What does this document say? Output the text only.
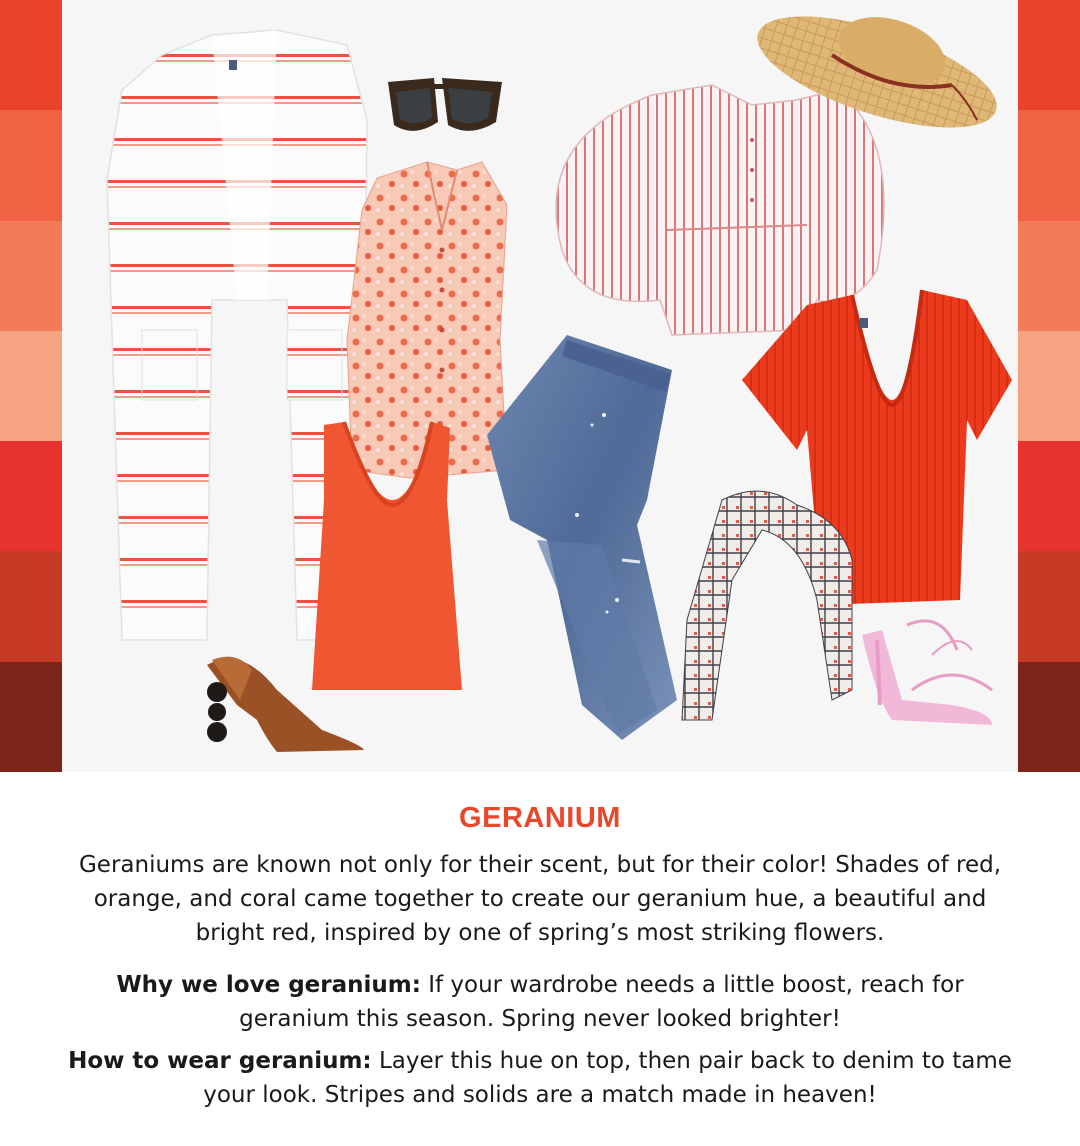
GERANIUM

Geraniums are known not only for their scent, but for their color! Shades of red, orange, and coral came together to create our geranium hue, a beautiful and bright red, inspired by one of spring’s most striking flowers.

Why we love geranium: If your wardrobe needs a little boost, reach for geranium this season. Spring never looked brighter!

How to wear geranium: Layer this hue on top, then pair back to denim to tame your look. Stripes and solids are a match made in heaven!
